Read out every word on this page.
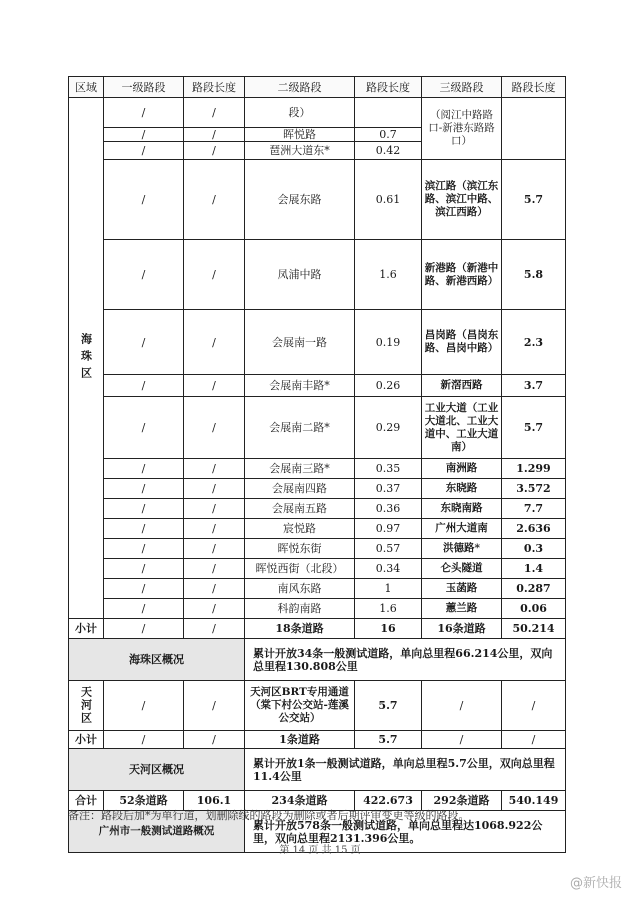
区域	一级路段	路段长度	二级路段	路段长度	三级路段	路段长度
海珠区	/	/	段）		（阅江中路路口-新港东路路口）	
	/	/	晖悦路	0.7		
	/	/	琶洲大道东*	0.42		
	/	/	会展东路	0.61	滨江路（滨江东路、滨江中路、滨江西路）	5.7
	/	/	凤浦中路	1.6	新港路（新港中路、新港西路）	5.8
	/	/	会展南一路	0.19	昌岗路（昌岗东路、昌岗中路）	2.3
	/	/	会展南丰路*	0.26	新滘西路	3.7
	/	/	会展南二路*	0.29	工业大道（工业大道北、工业大道中、工业大道南）	5.7
	/	/	会展南三路*	0.35	南洲路	1.299
	/	/	会展南四路	0.37	东晓路	3.572
	/	/	会展南五路	0.36	东晓南路	7.7
	/	/	宸悦路	0.97	广州大道南	2.636
	/	/	晖悦东街	0.57	洪德路*	0.3
	/	/	晖悦西街（北段）	0.34	仑头隧道	1.4
	/	/	南风东路	1	玉菡路	0.287
	/	/	科韵南路	1.6	蕙兰路	0.06
小计	/	/	18条道路	16	16条道路	50.214
海珠区概况			累计开放34条一般测试道路，单向总里程66.214公里，双向总里程130.808公里			
天河区	/	/	天河区BRT专用通道（棠下村公交站-莲溪公交站）	5.7	/	/
小计	/	/	1条道路	5.7	/	/
天河区概况			累计开放1条一般测试道路，单向总里程5.7公里，双向总里程11.4公里			
合计	52条道路	106.1	234条道路	422.673	292条道路	540.149
广州市一般测试道路概况			累计开放578条一般测试道路，单向总里程达1068.922公里，双向总里程2131.396公里。			
备注：路段后加*为单行道，划删除线的路段为删除或者后期评审变更等级的路段。
第 14 页 共 15 页
@新快报
